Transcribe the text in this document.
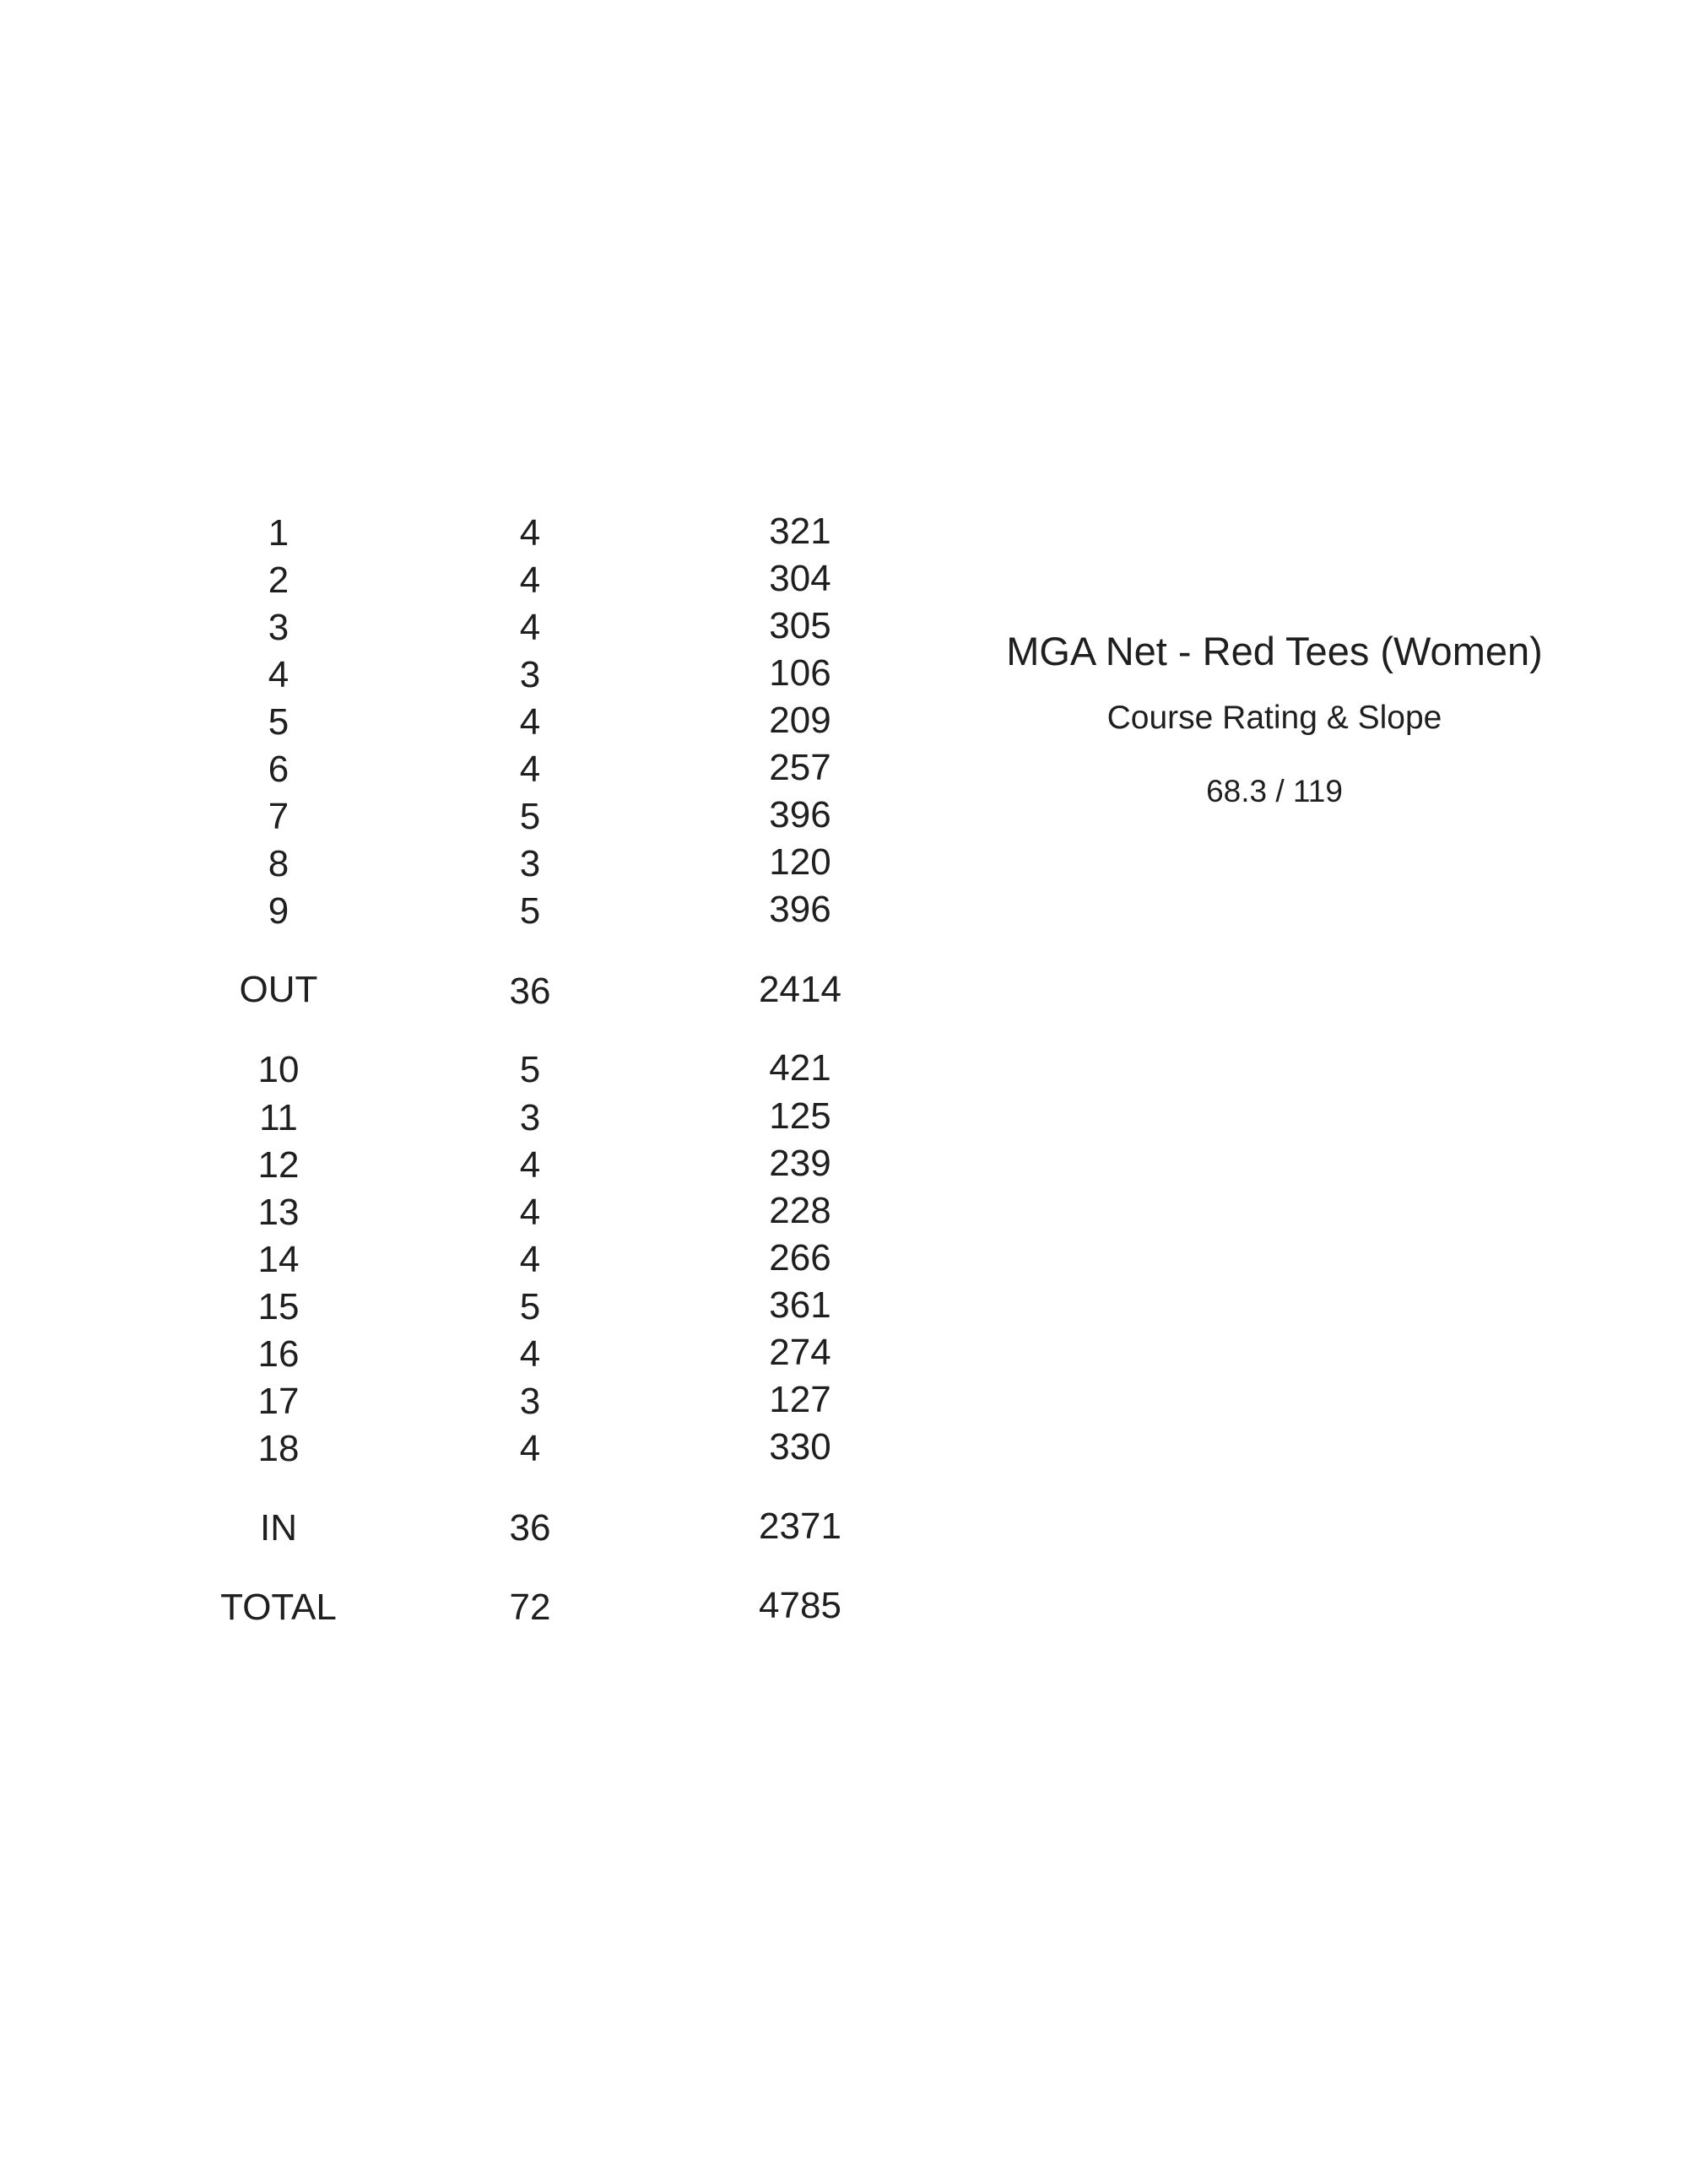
1	4	321
2	4	304
3	4	305
4	3	106
5	4	209
6	4	257
7	5	396
8	3	120
9	5	396
OUT	36	2414
10	5	421
11	3	125
12	4	239
13	4	228
14	4	266
15	5	361
16	4	274
17	3	127
18	4	330
IN	36	2371
TOTAL	72	4785
MGA Net - Red Tees (Women)
Course Rating & Slope
68.3 / 119
